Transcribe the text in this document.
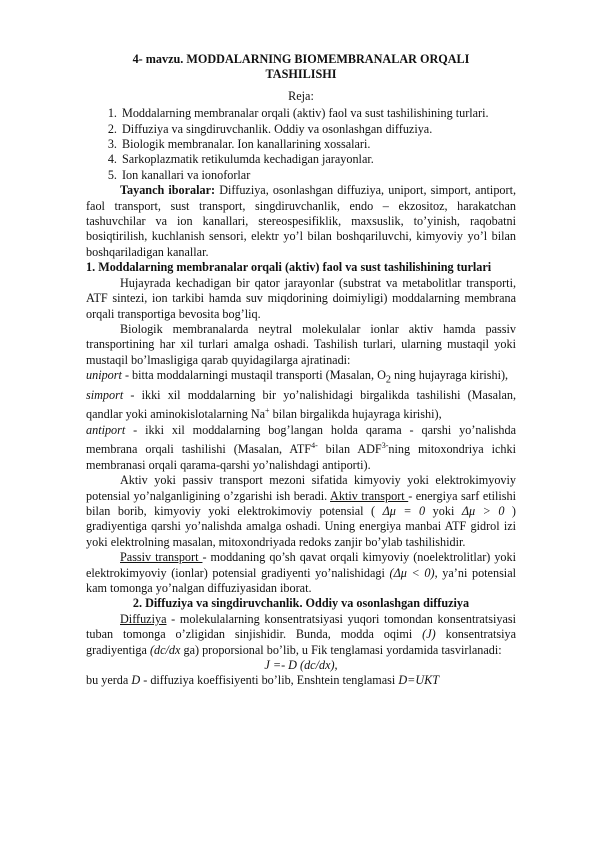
4- mavzu. MODDALARNING BIOMEMBRANALAR ORQALI
TASHILISHI
Reja:
1. Moddalarning membranalar orqali (aktiv) faol va sust tashilishining turlari.
2. Diffuziya va singdiruvchanlik. Oddiy va osonlashgan diffuziya.
3. Biologik membranalar. Ion kanallarining xossalari.
4. Sarkoplazmatik retikulumda kechadigan jarayonlar.
5. Ion kanallari va ionoforlar

Tayanch iboralar: Diffuziya, osonlashgan diffuziya, uniport, simport, antiport, faol transport, sust transport, singdiruvchanlik, endo – ekzositoz, harakatchan tashuvchilar va ion kanallari, stereospesifiklik, maxsuslik, to’yinish, raqobatni bosiqtirilish, kuchlanish sensori, elektr yo’l bilan boshqariluvchi, kimyoviy yo’l bilan boshqariladigan kanallar.

1. Moddalarning membranalar orqali (aktiv) faol va sust tashilishining turlari

Hujayrada kechadigan bir qator jarayonlar (substrat va metabolitlar transporti, ATF sintezi, ion tarkibi hamda suv miqdorining doimiyligi) moddalarning membrana orqali transportiga bevosita bog’liq.

Biologik membranalarda neytral molekulalar ionlar aktiv hamda passiv transportining har xil turlari amalga oshadi. Tashilish turlari, ularning mustaqil yoki mustaqil bo’lmasligiga qarab quyidagilarga ajratinadi:

uniport - bitta moddalarningi mustaqil transporti (Masalan, $O_2$ ning hujayraga kirishi),

simport - ikki xil moddalarning bir yo’nalishidagi birgalikda tashilishi (Masalan, qandlar yoki aminokislotalarning Na+ bilan birgalikda hujayraga kirishi),

antiport - ikki xil moddalarning bog’langan holda qarama - qarshi yo’nalishda membrana orqali tashilishi (Masalan, $ATF^{4-}$ bilan $ADF^{3-}ning$ mitoxondriya ichki membranasi orqali qarama-qarshi yo’nalishdagi antiporti).

Aktiv yoki passiv transport mezoni sifatida kimyoviy yoki elektrokimyoviy potensial yo’nalganligining o’zgarishi ish beradi. Aktiv transport - energiya sarf etilishi bilan borib, kimyoviy yoki elektrokimoviy potensial ( Δμ = 0 yoki Δμ > 0 ) gradiyentiga qarshi yo’nalishda amalga oshadi. Uning energiya manbai ATF gidrol izi yoki elektrolning masalan, mitoxondriyada redoks zanjir bo’ylab tashilishidir.

Passiv transport - moddaning qo’sh qavat orqali kimyoviy (noelektrolitlar) yoki elektrokimyoviy (ionlar) potensial gradiyenti yo’nalishidagi (Δμ < 0), ya’ni potensial kam tomonga yo’nalgan diffuziyasidan iborat.

2. Diffuziya va singdiruvchanlik. Oddiy va osonlashgan diffuziya

Diffuziya - molekulalarning konsentratsiyasi yuqori tomondan konsentratsiyasi tuban tomonga o’zligidan sinjishidir. Bunda, modda oqimi (J) konsentratsiya gradiyentiga (dc/dx ga) proporsional bo’lib, u Fik tenglamasi yordamida tasvirlanadi:

J =- D (dc/dx),

bu yerda D - diffuziya koeffisiyenti bo’lib, Enshtein tenglamasi D=UKT
